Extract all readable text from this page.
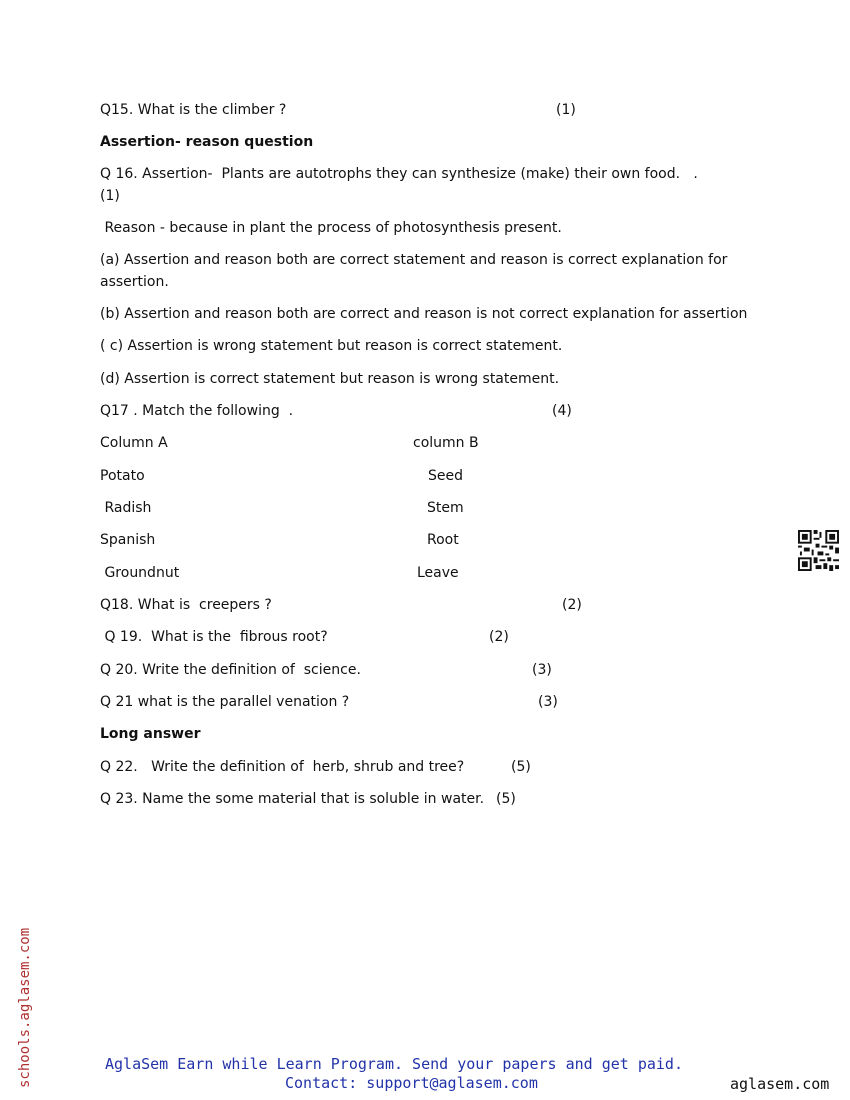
Q15. What is the climber ?	(1)
Assertion- reason question
Q 16. Assertion-  Plants are autotrophs they can synthesize (make) their own food.   .
(1)
Reason - because in plant the process of photosynthesis present.
(a) Assertion and reason both are correct statement and reason is correct explanation for assertion.
(b) Assertion and reason both are correct and reason is not correct explanation for assertion
( c) Assertion is wrong statement but reason is correct statement.
(d) Assertion is correct statement but reason is wrong statement.
Q17 . Match the following  .	(4)
Column A	column B
Potato	Seed
Radish	Stem
Spanish	Root
Groundnut	Leave
Q18. What is  creepers ?	(2)
Q 19.  What is the  fibrous root?	(2)
Q 20. Write the definition of  science.	(3)
Q 21 what is the parallel venation ?	(3)
Long answer
Q 22.   Write the definition of  herb, shrub and tree?	(5)
Q 23. Name the some material that is soluble in water. (5)
schools.aglasem.com	AglaSem Earn while Learn Program. Send your papers and get paid.
Contact: support@aglasem.com	aglasem.com
